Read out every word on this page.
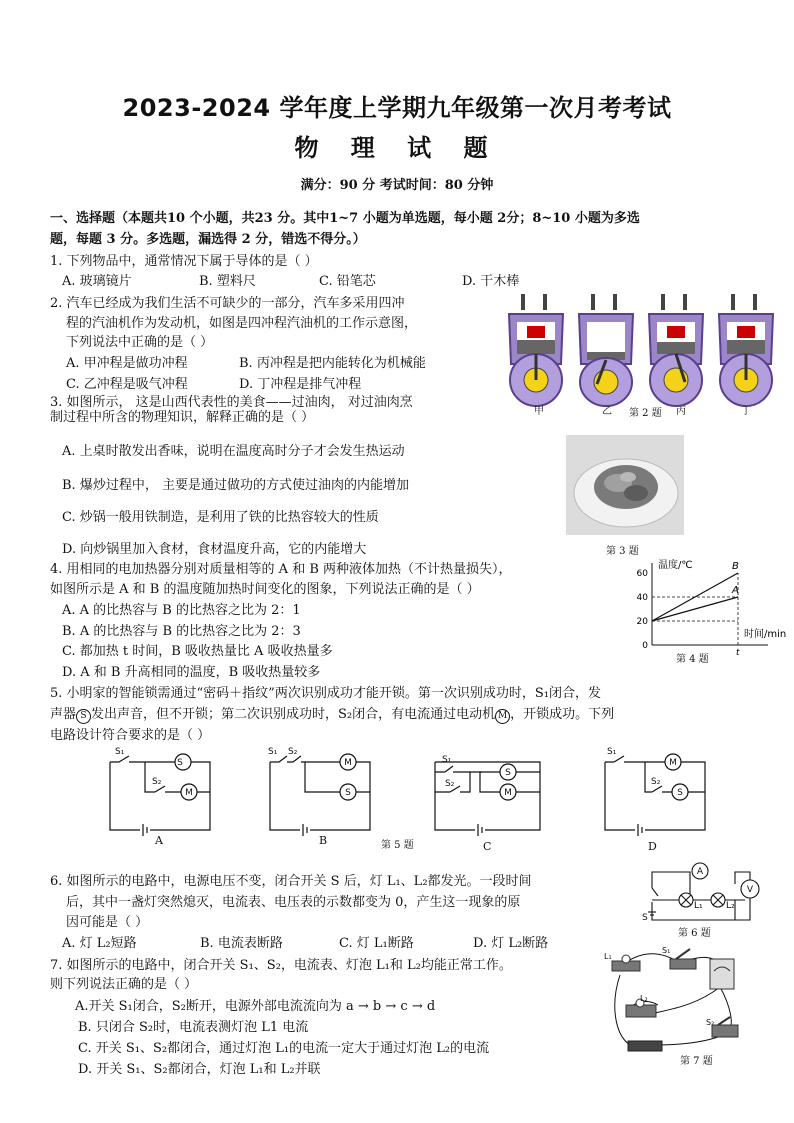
2023-2024 学年度上学期九年级第一次月考考试
物 理 试 题
满分：90 分 考试时间：80 分钟
一、选择题（本题共10 个小题，共23 分。其中1~7 小题为单选题，每小题 2分；8~10 小题为多选
题，每题 3 分。多选题，漏选得 2 分，错选不得分。）
1. 下列物品中，通常情况下属于导体的是（ ）
A. 玻璃镜片	B. 塑料尺	C. 铅笔芯	D. 干木棒
2. 汽车已经成为我们生活不可缺少的一部分，汽车多采用四冲
程的汽油机作为发动机，如图是四冲程汽油机的工作示意图，
下列说法中正确的是（ ）
A. 甲冲程是做功冲程	B. 丙冲程是把内能转化为机械能
C. 乙冲程是吸气冲程	D. 丁冲程是排气冲程
甲	乙	丙	丁
第 2 题
3. 如图所示， 这是山西代表性的美食——过油肉， 对过油肉烹
制过程中所含的物理知识，解释正确的是（ ）
A. 上桌时散发出香味，说明在温度高时分子才会发生热运动
B. 爆炒过程中， 主要是通过做功的方式使过油肉的内能增加
C. 炒锅一般用铁制造，是利用了铁的比热容较大的性质
D. 向炒锅里加入食材，食材温度升高，它的内能增大	第 3 题
4. 用相同的电加热器分别对质量相等的 A 和 B 两种液体加热（不计热量损失），
如图所示是 A 和 B 的温度随加热时间变化的图象，下列说法正确的是（ ）
A. A 的比热容与 B 的比热容之比为 2：1
B. A 的比热容与 B 的比热容之比为 2：3
C. 都加热 t 时间，B 吸收热量比 A 吸收热量多
D. A 和 B 升高相同的温度，B 吸收热量较多
0
20
40
60
t
B
A
温度/℃
时间/min
第 4 题
5. 小明家的智能锁需通过“密码＋指纹”两次识别成功才能开锁。第一次识别成功时，S₁闭合，发
声器 S 发出声音，但不开锁；第二次识别成功时，S₂闭合，有电流通过电动机 M ，开锁成功。下列
电路设计符合要求的是（ ）
S
M
S₁
S₂
M
S
S₁ S₂
S
M
S₁
S₂
M
S
S₁
S₂
A	B	C	D
第 5 题
6. 如图所示的电路中，电源电压不变，闭合开关 S 后，灯 L₁、L₂都发光。一段时间
后，其中一盏灯突然熄灭，电流表、电压表的示数都变为 0，产生这一现象的原
因可能是（ ）
A. 灯 L₂短路	B. 电流表断路	C. 灯 L₁断路	D. 灯 L₂断路
A
V
L₁	L₂
S
第 6 题
7. 如图所示的电路中，闭合开关 S₁、S₂，电流表、灯泡 L₁和 L₂均能正常工作。
则下列说法正确的是（ ）
A.开关 S₁闭合，S₂断开，电源外部电流流向为 a → b → c → d
B. 只闭合 S₂时，电流表测灯泡 L1 电流
C. 开关 S₁、S₂都闭合，通过灯泡 L₁的电流一定大于通过灯泡 L₂的电流
D. 开关 S₁、S₂都闭合，灯泡 L₁和 L₂并联
L₁
S₁
L₂
S₂
第 7 题
